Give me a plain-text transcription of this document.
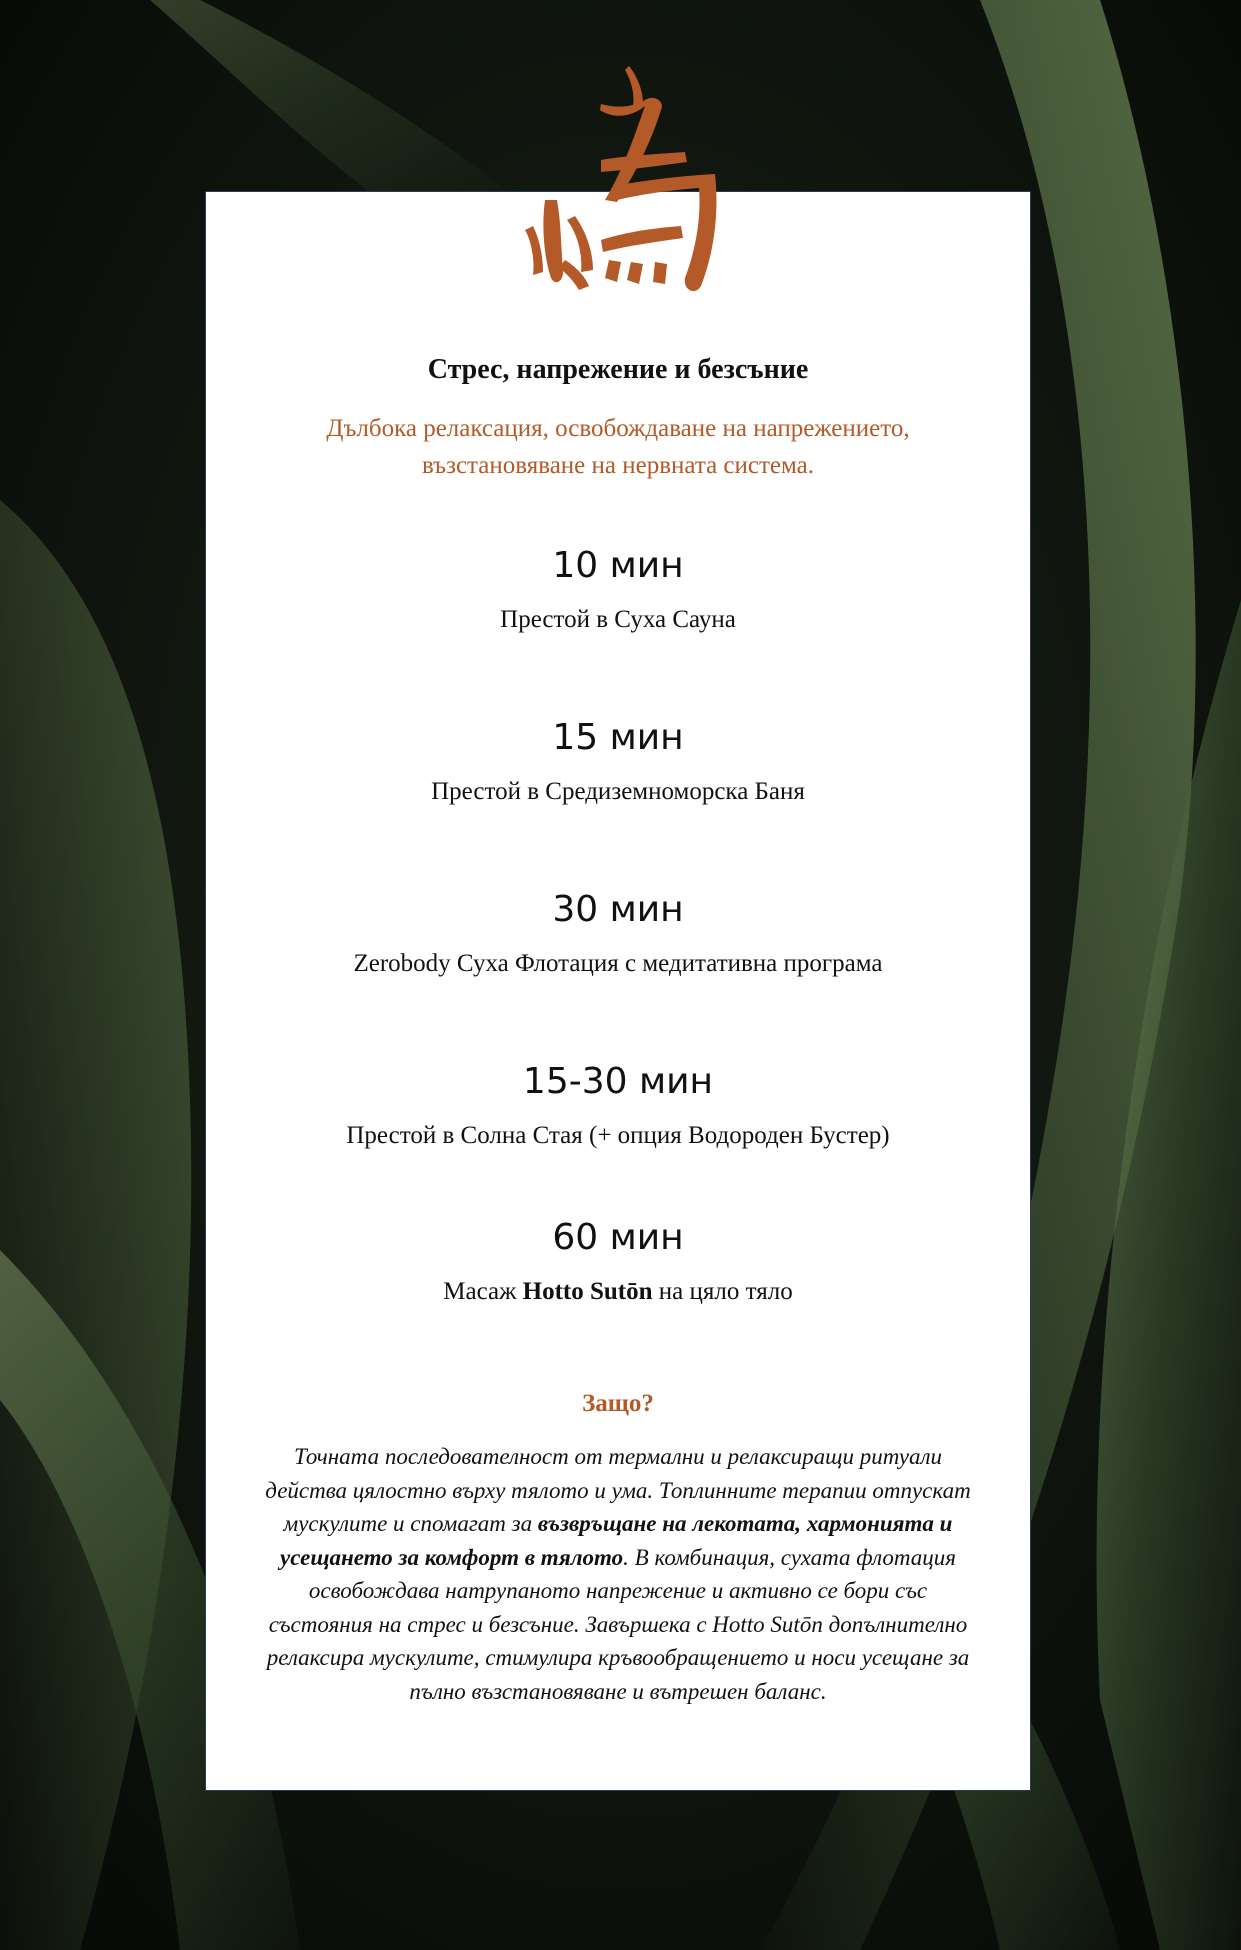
Стрес, напрежение и безсъние
Дълбока релаксация, освобождаване на напрежението, възстановяване на нервната система.
10 мин
Престой в Суха Сауна
15 мин
Престой в Средиземноморска Баня
30 мин
Zerobody Суха Флотация с медитативна програма
15-30 мин
Престой в Солна Стая (+ опция Водороден Бустер)
60 мин
Масаж Hotto Sutōn на цяло тяло
Защо?
Точната последователност от термални и релаксиращи ритуали действа цялостно върху тялото и ума. Топлинните терапии отпускат мускулите и спомагат за възвръщане на лекотата, хармонията и усещането за комфорт в тялото. В комбинация, сухата флотация освобождава натрупаното напрежение и активно се бори със състояния на стрес и безсъние. Завършека с Hotto Sutōn допълнително релаксира мускулите, стимулира кръвообращението и носи усещане за пълно възстановяване и вътрешен баланс.
